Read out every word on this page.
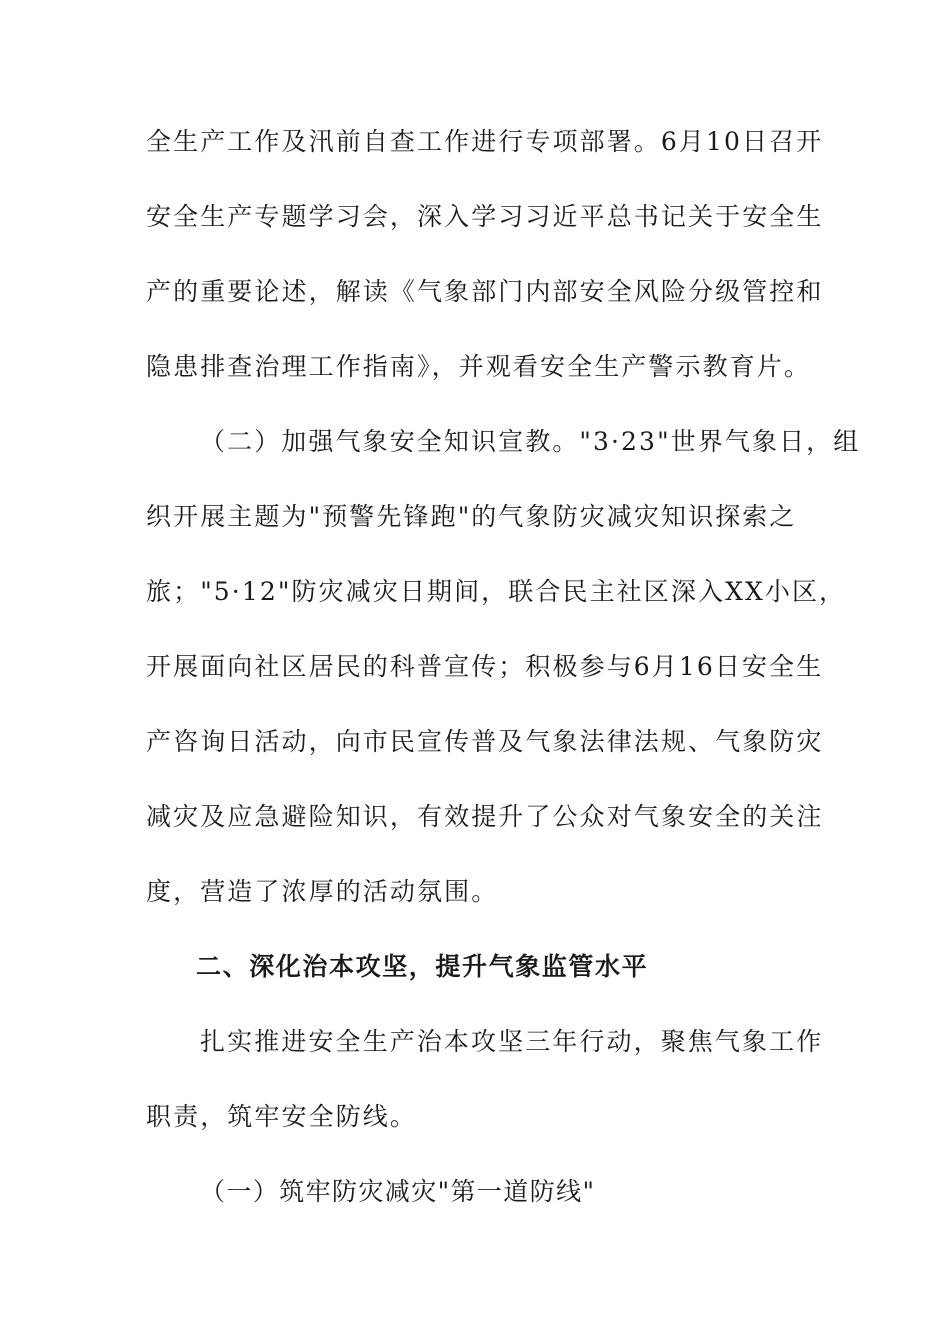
全生产工作及汛前自查工作进行专项部署。6月10日召开
安全生产专题学习会，深入学习习近平总书记关于安全生
产的重要论述，解读《气象部门内部安全风险分级管控和
隐患排查治理工作指南》，并观看安全生产警示教育片。
（二）加强气象安全知识宣教。"3·23"世界气象日，组
织开展主题为"预警先锋跑"的气象防灾减灾知识探索之
旅；"5·12"防灾减灾日期间，联合民主社区深入XX小区，
开展面向社区居民的科普宣传；积极参与6月16日安全生
产咨询日活动，向市民宣传普及气象法律法规、气象防灾
减灾及应急避险知识，有效提升了公众对气象安全的关注
度，营造了浓厚的活动氛围。
二、深化治本攻坚，提升气象监管水平
扎实推进安全生产治本攻坚三年行动，聚焦气象工作
职责，筑牢安全防线。
（一）筑牢防灾减灾"第一道防线"
